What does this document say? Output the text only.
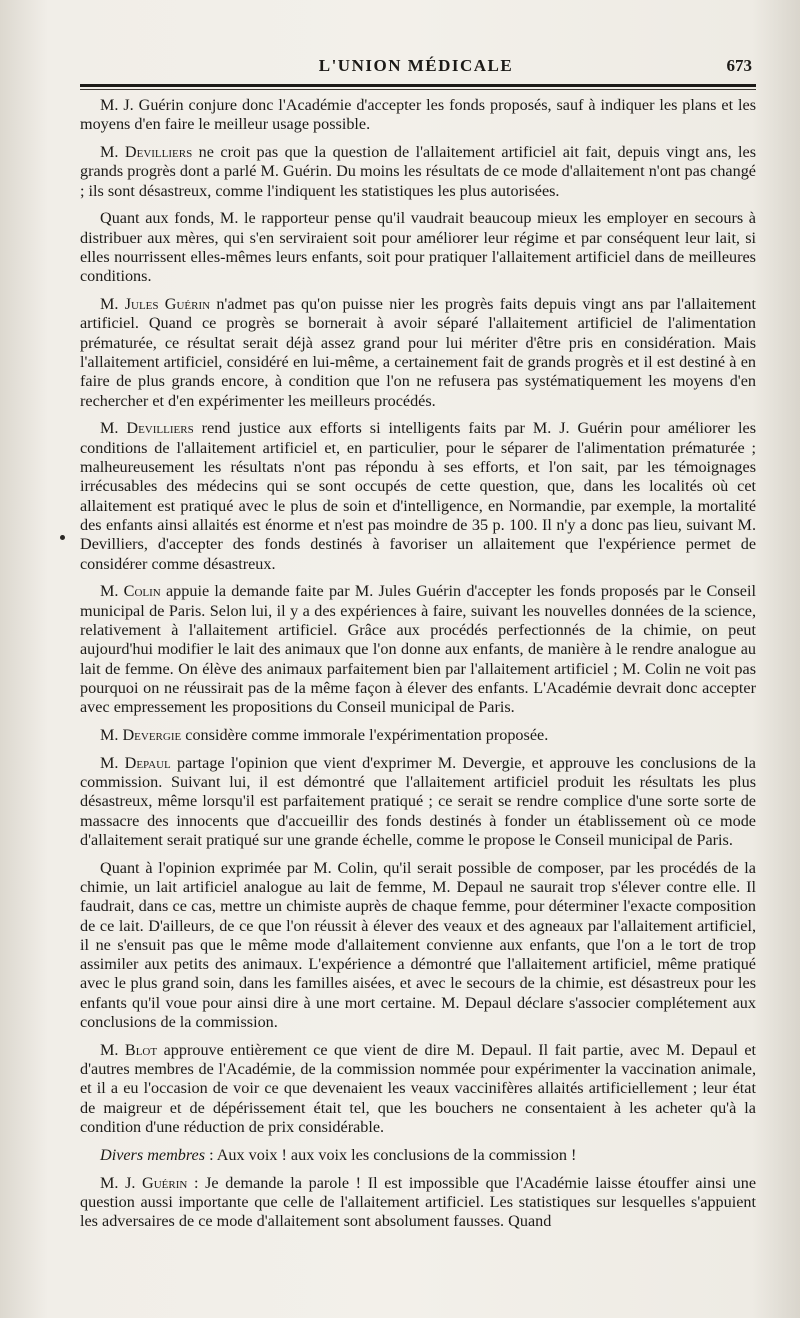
L'UNION MÉDICALE	673

M. J. Guérin conjure donc l'Académie d'accepter les fonds proposés, sauf à indiquer les plans et les moyens d'en faire le meilleur usage possible.

M. Devilliers ne croit pas que la question de l'allaitement artificiel ait fait, depuis vingt ans, les grands progrès dont a parlé M. Guérin. Du moins les résultats de ce mode d'allaitement n'ont pas changé ; ils sont désastreux, comme l'indiquent les statistiques les plus autorisées.

Quant aux fonds, M. le rapporteur pense qu'il vaudrait beaucoup mieux les employer en secours à distribuer aux mères, qui s'en serviraient soit pour améliorer leur régime et par conséquent leur lait, si elles nourrissent elles-mêmes leurs enfants, soit pour pratiquer l'allaitement artificiel dans de meilleures conditions.

M. Jules Guérin n'admet pas qu'on puisse nier les progrès faits depuis vingt ans par l'allaitement artificiel. Quand ce progrès se bornerait à avoir séparé l'allaitement artificiel de l'alimentation prématurée, ce résultat serait déjà assez grand pour lui mériter d'être pris en considération. Mais l'allaitement artificiel, considéré en lui-même, a certainement fait de grands progrès et il est destiné à en faire de plus grands encore, à condition que l'on ne refusera pas systématiquement les moyens d'en rechercher et d'en expérimenter les meilleurs procédés.

M. Devilliers rend justice aux efforts si intelligents faits par M. J. Guérin pour améliorer les conditions de l'allaitement artificiel et, en particulier, pour le séparer de l'alimentation prématurée ; malheureusement les résultats n'ont pas répondu à ses efforts, et l'on sait, par les témoignages irrécusables des médecins qui se sont occupés de cette question, que, dans les localités où cet allaitement est pratiqué avec le plus de soin et d'intelligence, en Normandie, par exemple, la mortalité des enfants ainsi allaités est énorme et n'est pas moindre de 35 p. 100. Il n'y a donc pas lieu, suivant M. Devilliers, d'accepter des fonds destinés à favoriser un allaitement que l'expérience permet de considérer comme désastreux.

M. Colin appuie la demande faite par M. Jules Guérin d'accepter les fonds proposés par le Conseil municipal de Paris. Selon lui, il y a des expériences à faire, suivant les nouvelles données de la science, relativement à l'allaitement artificiel. Grâce aux procédés perfectionnés de la chimie, on peut aujourd'hui modifier le lait des animaux que l'on donne aux enfants, de manière à le rendre analogue au lait de femme. On élève des animaux parfaitement bien par l'allaitement artificiel ; M. Colin ne voit pas pourquoi on ne réussirait pas de la même façon à élever des enfants. L'Académie devrait donc accepter avec empressement les propositions du Conseil municipal de Paris.

M. Devergie considère comme immorale l'expérimentation proposée.

M. Depaul partage l'opinion que vient d'exprimer M. Devergie, et approuve les conclusions de la commission. Suivant lui, il est démontré que l'allaitement artificiel produit les résultats les plus désastreux, même lorsqu'il est parfaitement pratiqué ; ce serait se rendre complice d'une sorte sorte de massacre des innocents que d'accueillir des fonds destinés à fonder un établissement où ce mode d'allaitement serait pratiqué sur une grande échelle, comme le propose le Conseil municipal de Paris.

Quant à l'opinion exprimée par M. Colin, qu'il serait possible de composer, par les procédés de la chimie, un lait artificiel analogue au lait de femme, M. Depaul ne saurait trop s'élever contre elle. Il faudrait, dans ce cas, mettre un chimiste auprès de chaque femme, pour déterminer l'exacte composition de ce lait. D'ailleurs, de ce que l'on réussit à élever des veaux et des agneaux par l'allaitement artificiel, il ne s'ensuit pas que le même mode d'allaitement convienne aux enfants, que l'on a le tort de trop assimiler aux petits des animaux. L'expérience a démontré que l'allaitement artificiel, même pratiqué avec le plus grand soin, dans les familles aisées, et avec le secours de la chimie, est désastreux pour les enfants qu'il voue pour ainsi dire à une mort certaine. M. Depaul déclare s'associer complétement aux conclusions de la commission.

M. Blot approuve entièrement ce que vient de dire M. Depaul. Il fait partie, avec M. Depaul et d'autres membres de l'Académie, de la commission nommée pour expérimenter la vaccination animale, et il a eu l'occasion de voir ce que devenaient les veaux vaccinifères allaités artificiellement ; leur état de maigreur et de dépérissement était tel, que les bouchers ne consentaient à les acheter qu'à la condition d'une réduction de prix considérable.

Divers membres : Aux voix ! aux voix les conclusions de la commission !

M. J. Guérin : Je demande la parole ! Il est impossible que l'Académie laisse étouffer ainsi une question aussi importante que celle de l'allaitement artificiel. Les statistiques sur lesquelles s'appuient les adversaires de ce mode d'allaitement sont absolument fausses. Quand
